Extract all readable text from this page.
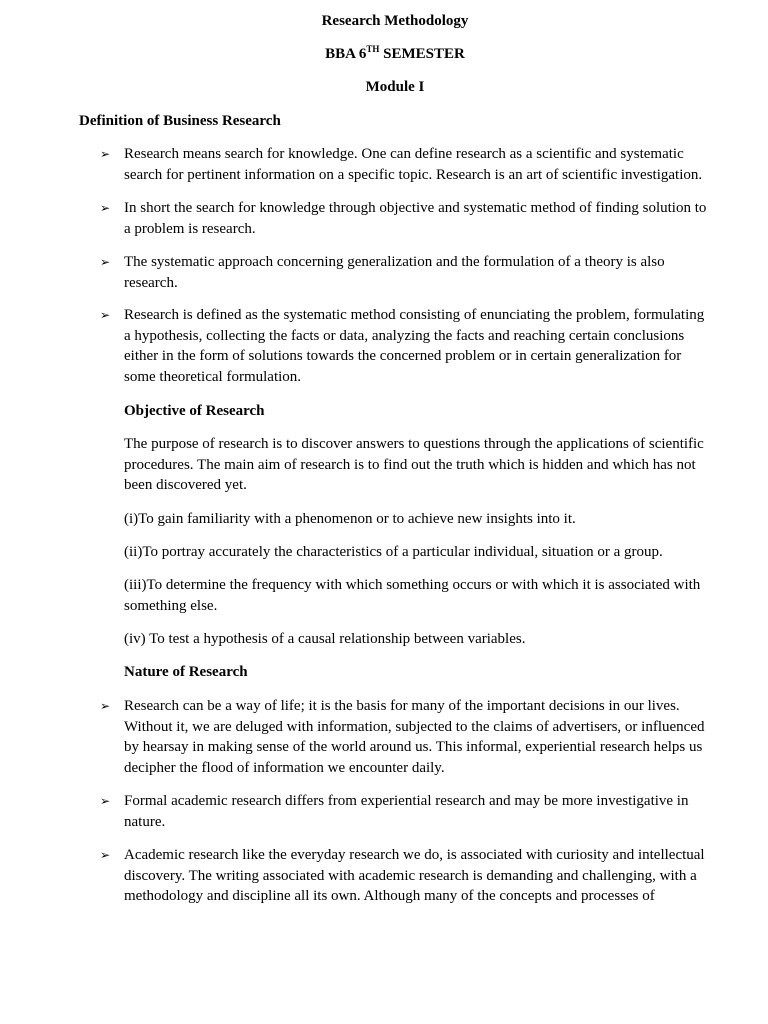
Research Methodology
BBA 6TH SEMESTER
Module I
Definition of Business Research
➢ Research means search for knowledge. One can define research as a scientific and systematic search for pertinent information on a specific topic. Research is an art of scientific investigation.
➢ In short the search for knowledge through objective and systematic method of finding solution to a problem is research.
➢ The systematic approach concerning generalization and the formulation of a theory is also research.
➢ Research is defined as the systematic method consisting of enunciating the problem, formulating a hypothesis, collecting the facts or data, analyzing the facts and reaching certain conclusions either in the form of solutions towards the concerned problem or in certain generalization for some theoretical formulation.
Objective of Research
The purpose of research is to discover answers to questions through the applications of scientific procedures. The main aim of research is to find out the truth which is hidden and which has not been discovered yet.
(i)To gain familiarity with a phenomenon or to achieve new insights into it.
(ii)To portray accurately the characteristics of a particular individual, situation or a group.
(iii)To determine the frequency with which something occurs or with which it is associated with something else.
(iv) To test a hypothesis of a causal relationship between variables.
Nature of Research
➢ Research can be a way of life; it is the basis for many of the important decisions in our lives. Without it, we are deluged with information, subjected to the claims of advertisers, or influenced by hearsay in making sense of the world around us. This informal, experiential research helps us decipher the flood of information we encounter daily.
➢ Formal academic research differs from experiential research and may be more investigative in nature.
➢ Academic research like the everyday research we do, is associated with curiosity and intellectual discovery. The writing associated with academic research is demanding and challenging, with a methodology and discipline all its own. Although many of the concepts and processes of
